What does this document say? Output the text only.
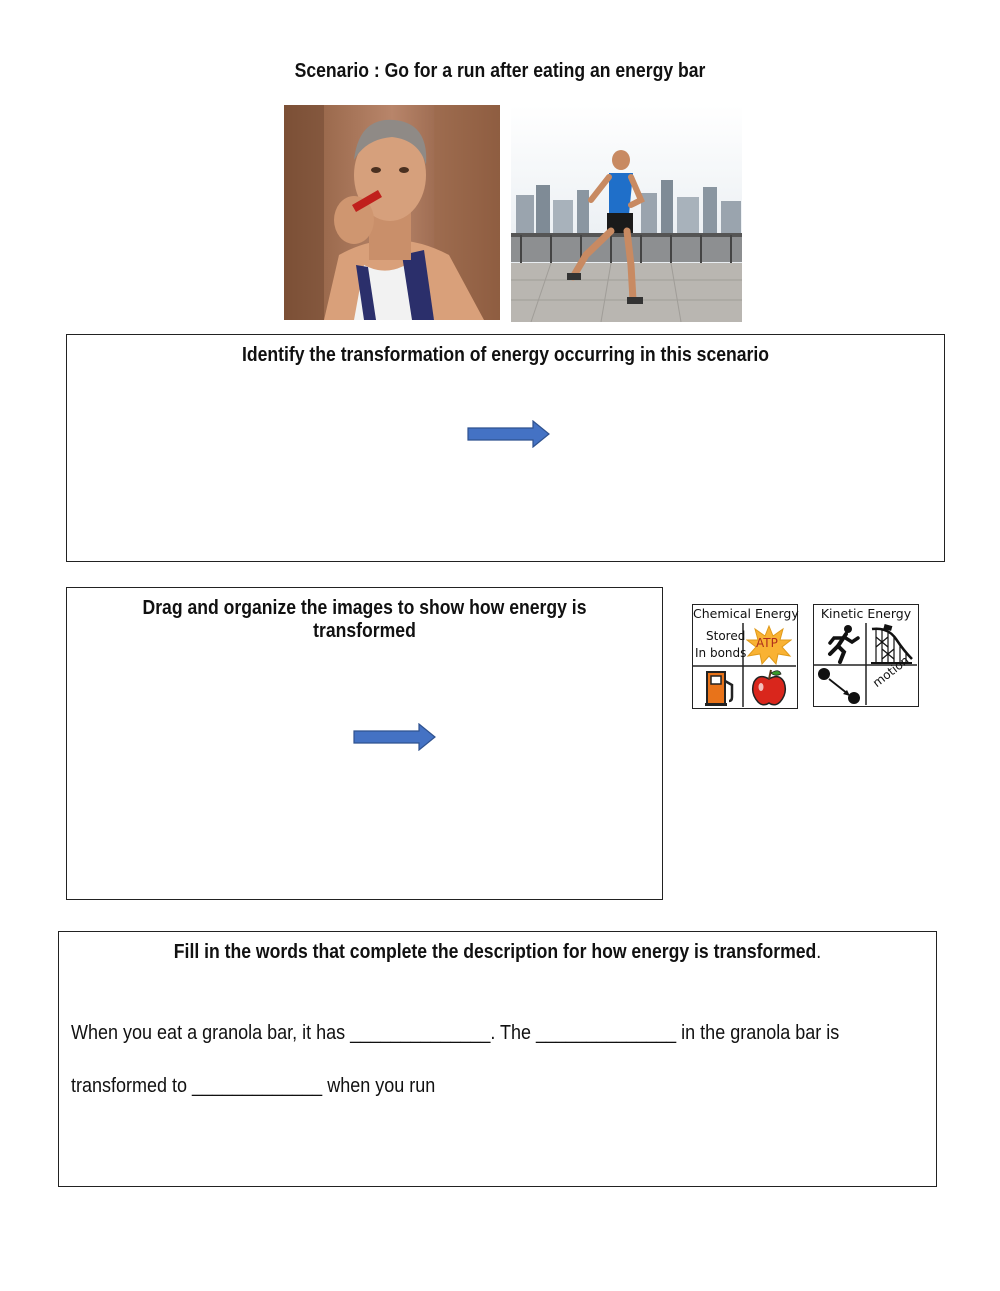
Scenario : Go for a run after eating an energy bar
Identify the transformation of energy occurring in this scenario
Drag and organize the images to show how energy is transformed
Chemical Energy
Stored
In bonds
ATP
Kinetic Energy
motion
Fill in the words that complete the description for how energy is transformed.
When you eat a granola bar, it has ______________. The ______________ in the granola bar is
transformed to _____________ when you run
